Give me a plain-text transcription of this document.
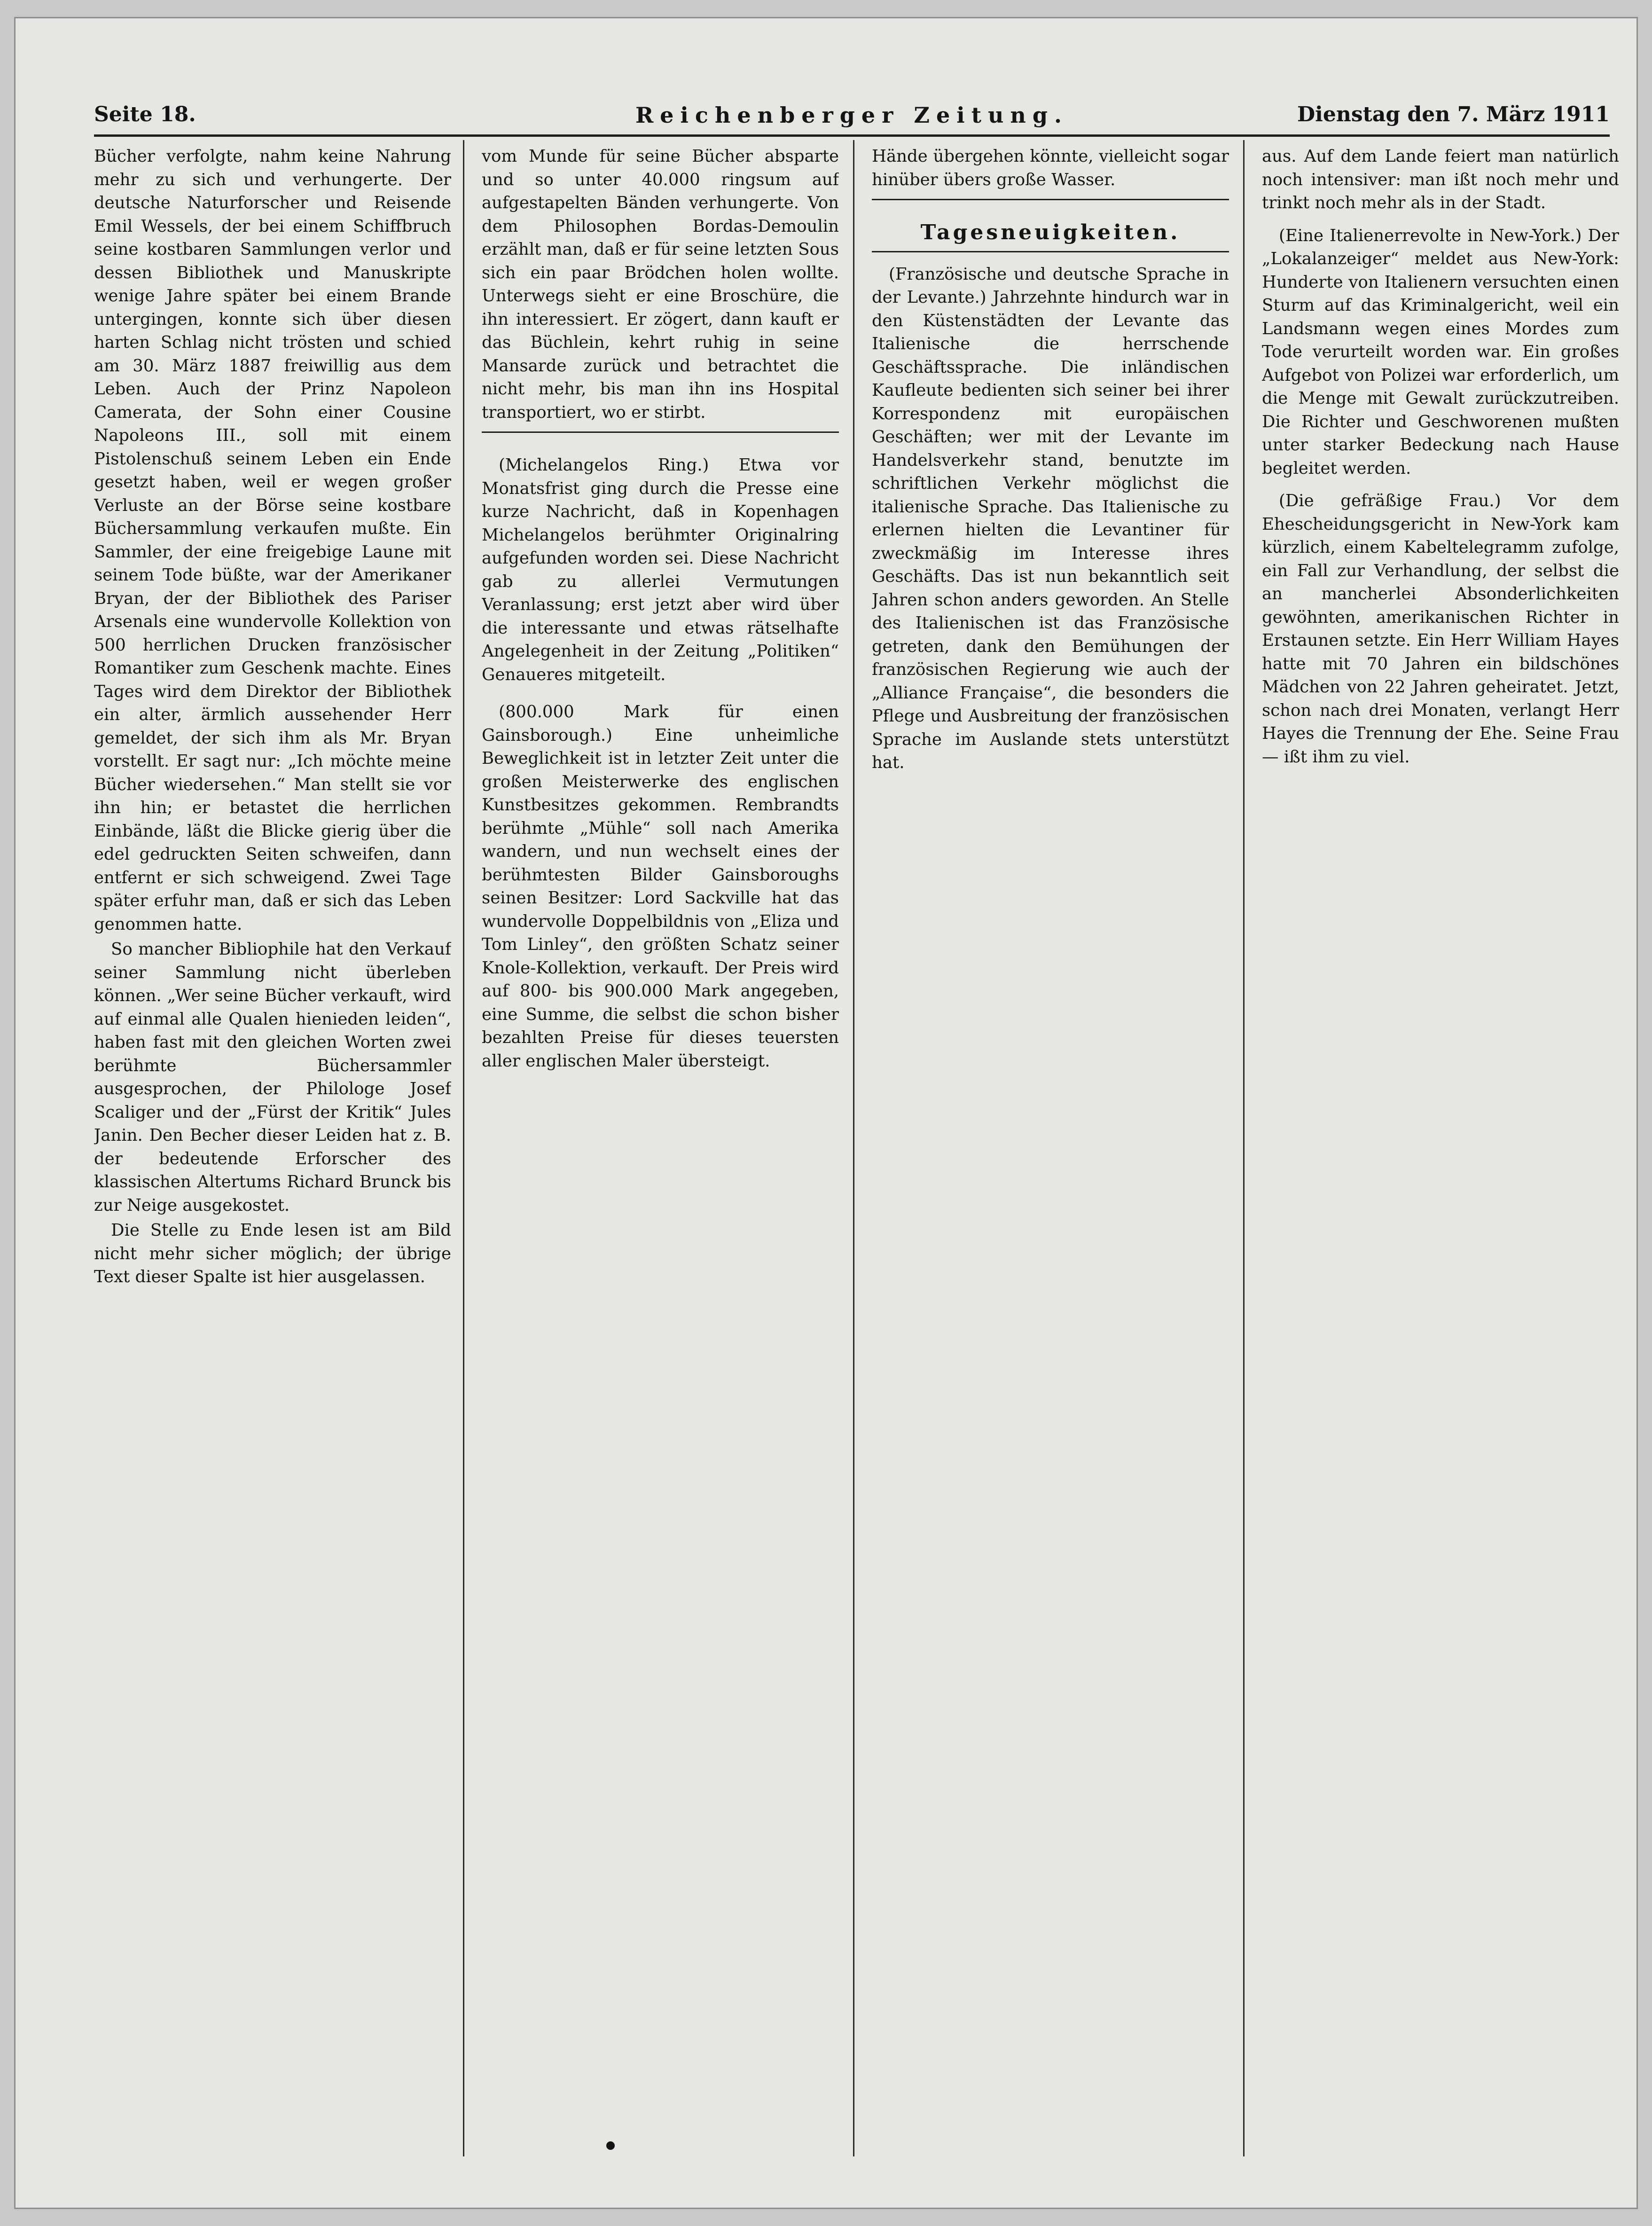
Seite 18.	Reichenberger Zeitung.	Dienstag den 7. März 1911

Bücher verfolgte, nahm keine Nahrung mehr zu sich und verhungerte. Der deutsche Naturforscher und Reisende Emil Wessels, der bei einem Schiffbruch seine kostbaren Sammlungen verlor und dessen Bibliothek und Manuskripte wenige Jahre später bei einem Brande untergingen, konnte sich über diesen harten Schlag nicht trösten und schied am 30. März 1887 freiwillig aus dem Leben. Auch der Prinz Napoleon Camerata, der Sohn einer Cousine Napoleons III., soll mit einem Pistolenschuß seinem Leben ein Ende gesetzt haben, weil er wegen großer Verluste an der Börse seine kostbare Büchersammlung verkaufen mußte. Ein Sammler, der eine freigebige Laune mit seinem Tode büßte, war der Amerikaner Bryan, der der Bibliothek des Pariser Arsenals eine wundervolle Kollektion von 500 herrlichen Drucken französischer Romantiker zum Geschenk machte. Eines Tages wird dem Direktor der Bibliothek ein alter, ärmlich aussehender Herr gemeldet, der sich ihm als Mr. Bryan vorstellt. Er sagt nur: „Ich möchte meine Bücher wiedersehen.“ Man stellt sie vor ihn hin; er betastet die herrlichen Einbände, läßt die Blicke gierig über die edel gedruckten Seiten schweifen, dann entfernt er sich schweigend. Zwei Tage später erfuhr man, daß er sich das Leben genommen hatte.

So mancher Bibliophile hat den Verkauf seiner Sammlung nicht überleben können. „Wer seine Bücher verkauft, wird auf einmal alle Qualen hienieden leiden“, haben fast mit den gleichen Worten zwei berühmte Büchersammler ausgesprochen, der Philologe Josef Scaliger und der „Fürst der Kritik“ Jules Janin. Den Becher dieser Leiden hat z. B. der bedeutende Erforscher des klassischen Altertums Richard Brunck bis zur Neige ausgekostet.

Die Stelle zu Ende lesen ist am Bild nicht mehr sicher möglich; der übrige Text dieser Spalte ist hier ausgelassen.

vom Munde für seine Bücher absparte und so unter 40.000 ringsum auf aufgestapelten Bänden verhungerte. Von dem Philosophen Bordas-Demoulin erzählt man, daß er für seine letzten Sous sich ein paar Brödchen holen wollte. Unterwegs sieht er eine Broschüre, die ihn interessiert. Er zögert, dann kauft er das Büchlein, kehrt ruhig in seine Mansarde zurück und betrachtet die nicht mehr, bis man ihn ins Hospital transportiert, wo er stirbt.

(Michelangelos Ring.) Etwa vor Monatsfrist ging durch die Presse eine kurze Nachricht, daß in Kopenhagen Michelangelos berühmter Originalring aufgefunden worden sei. Diese Nachricht gab zu allerlei Vermutungen Veranlassung; erst jetzt aber wird über die interessante und etwas rätselhafte Angelegenheit in der Zeitung „Politiken“ Genaueres mitgeteilt.

(800.000 Mark für einen Gainsborough.) Eine unheimliche Beweglichkeit ist in letzter Zeit unter die großen Meisterwerke des englischen Kunstbesitzes gekommen. Rembrandts berühmte „Mühle“ soll nach Amerika wandern, und nun wechselt eines der berühmtesten Bilder Gainsboroughs seinen Besitzer: Lord Sackville hat das wundervolle Doppelbildnis von „Eliza und Tom Linley“, den größten Schatz seiner Knole-Kollektion, verkauft. Der Preis wird auf 800- bis 900.000 Mark angegeben, eine Summe, die selbst die schon bisher bezahlten Preise für dieses teuersten aller englischen Maler übersteigt.

Hände übergehen könnte, vielleicht sogar hinüber übers große Wasser.

Tagesneuigkeiten.

(Französische und deutsche Sprache in der Levante.) Jahrzehnte hindurch war in den Küstenstädten der Levante das Italienische die herrschende Geschäftssprache. Die inländischen Kaufleute bedienten sich seiner bei ihrer Korrespondenz mit europäischen Geschäften; wer mit der Levante im Handelsverkehr stand, benutzte im schriftlichen Verkehr möglichst die italienische Sprache. Das Italienische zu erlernen hielten die Levantiner für zweckmäßig im Interesse ihres Geschäfts. Das ist nun bekanntlich seit Jahren schon anders geworden. An Stelle des Italienischen ist das Französische getreten, dank den Bemühungen der französischen Regierung wie auch der „Alliance Française“, die besonders die Pflege und Ausbreitung der französischen Sprache im Auslande stets unterstützt hat.

aus. Auf dem Lande feiert man natürlich noch intensiver: man ißt noch mehr und trinkt noch mehr als in der Stadt.

(Eine Italienerrevolte in New-York.) Der „Lokalanzeiger“ meldet aus New-York: Hunderte von Italienern versuchten einen Sturm auf das Kriminalgericht, weil ein Landsmann wegen eines Mordes zum Tode verurteilt worden war. Ein großes Aufgebot von Polizei war erforderlich, um die Menge mit Gewalt zurückzutreiben. Die Richter und Geschworenen mußten unter starker Bedeckung nach Hause begleitet werden.

(Die gefräßige Frau.) Vor dem Ehescheidungsgericht in New-York kam kürzlich, einem Kabeltelegramm zufolge, ein Fall zur Verhandlung, der selbst die an mancherlei Absonderlichkeiten gewöhnten, amerikanischen Richter in Erstaunen setzte. Ein Herr William Hayes hatte mit 70 Jahren ein bildschönes Mädchen von 22 Jahren geheiratet. Jetzt, schon nach drei Monaten, verlangt Herr Hayes die Trennung der Ehe. Seine Frau — ißt ihm zu viel.
